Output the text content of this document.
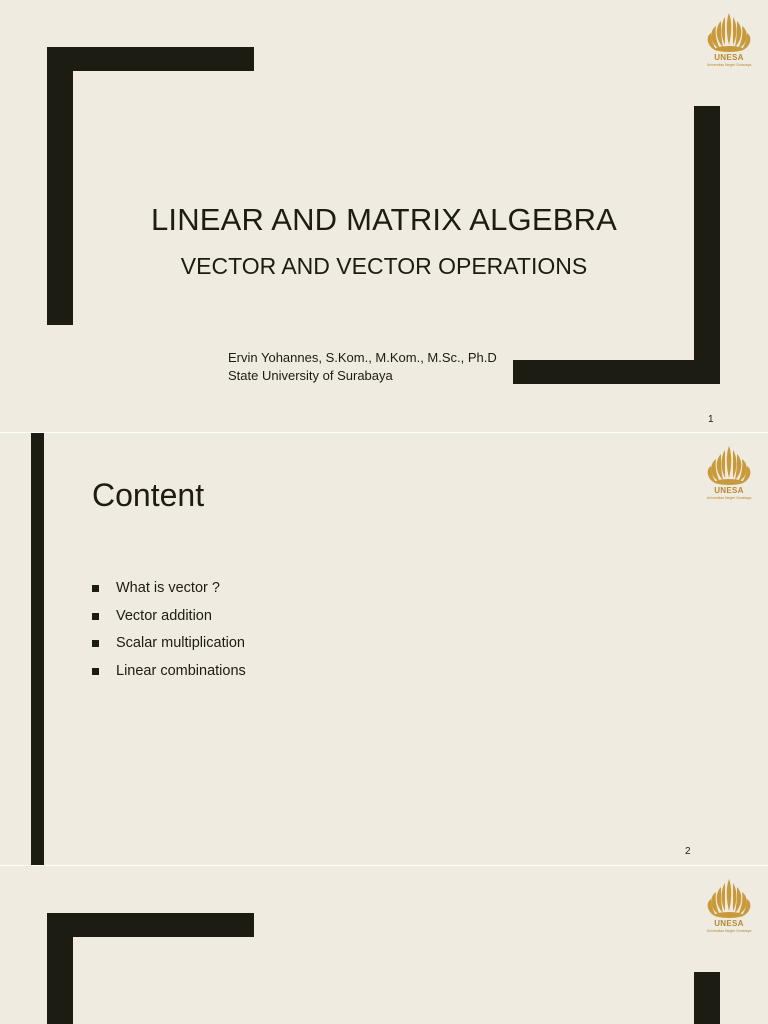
UNESA
Universitas Negeri Surabaya
LINEAR AND MATRIX ALGEBRA
VECTOR AND VECTOR OPERATIONS
Ervin Yohannes, S.Kom., M.Kom., M.Sc., Ph.D
State University of Surabaya
1
UNESA
Universitas Negeri Surabaya
Content
What is vector ?
Vector addition
Scalar multiplication
Linear combinations
2
UNESA
Universitas Negeri Surabaya
